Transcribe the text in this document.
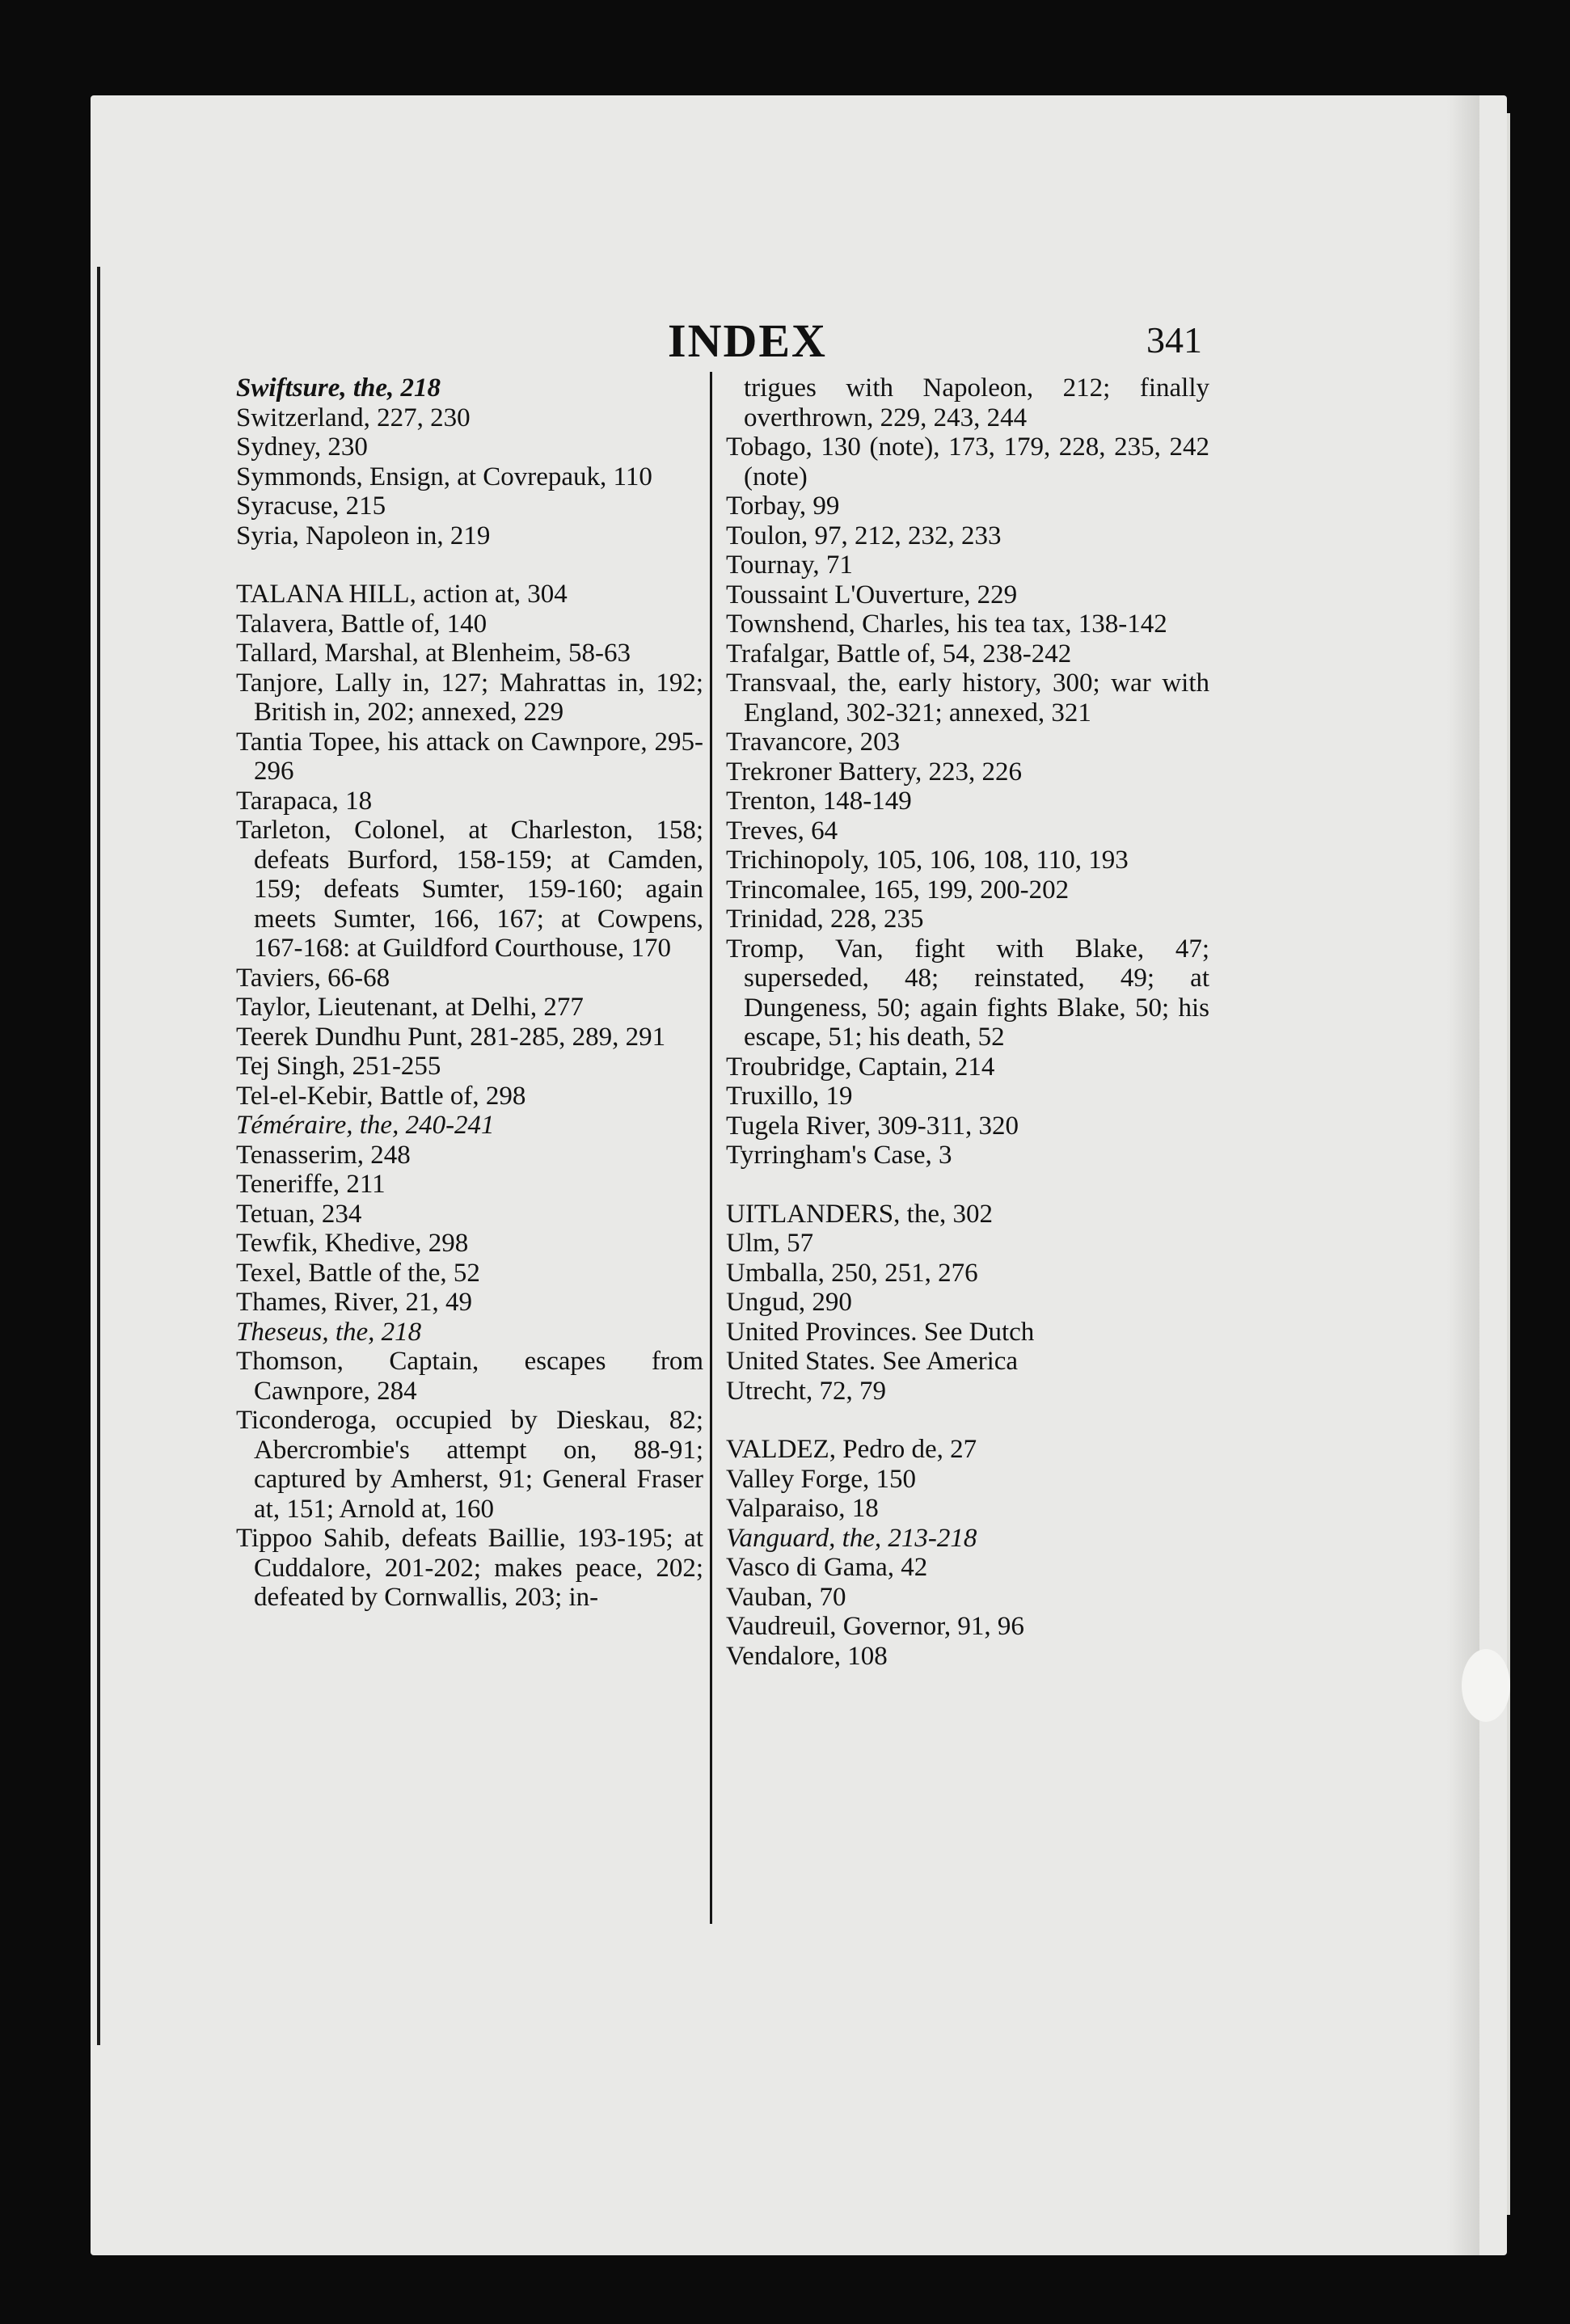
INDEX	341
Swiftsure, the, 218
Switzerland, 227, 230
Sydney, 230
Symmonds, Ensign, at Covrepauk, 110
Syracuse, 215
Syria, Napoleon in, 219
TALANA HILL, action at, 304
Talavera, Battle of, 140
Tallard, Marshal, at Blenheim, 58-63
Tanjore, Lally in, 127; Mahrattas in, 192; British in, 202; annexed, 229
Tantia Topee, his attack on Cawnpore, 295-296
Tarapaca, 18
Tarleton, Colonel, at Charleston, 158; defeats Burford, 158-159; at Camden, 159; defeats Sumter, 159-160; again meets Sumter, 166, 167; at Cowpens, 167-168: at Guildford Courthouse, 170
Taviers, 66-68
Taylor, Lieutenant, at Delhi, 277
Teerek Dundhu Punt, 281-285, 289, 291
Tej Singh, 251-255
Tel-el-Kebir, Battle of, 298
Téméraire, the, 240-241
Tenasserim, 248
Teneriffe, 211
Tetuan, 234
Tewfik, Khedive, 298
Texel, Battle of the, 52
Thames, River, 21, 49
Theseus, the, 218
Thomson, Captain, escapes from Cawnpore, 284
Ticonderoga, occupied by Dieskau, 82; Abercrombie's attempt on, 88-91; captured by Amherst, 91; General Fraser at, 151; Arnold at, 160
Tippoo Sahib, defeats Baillie, 193-195; at Cuddalore, 201-202; makes peace, 202; defeated by Cornwallis, 203; in-
trigues with Napoleon, 212; finally overthrown, 229, 243, 244
Tobago, 130 (note), 173, 179, 228, 235, 242 (note)
Torbay, 99
Toulon, 97, 212, 232, 233
Tournay, 71
Toussaint L'Ouverture, 229
Townshend, Charles, his tea tax, 138-142
Trafalgar, Battle of, 54, 238-242
Transvaal, the, early history, 300; war with England, 302-321; annexed, 321
Travancore, 203
Trekroner Battery, 223, 226
Trenton, 148-149
Treves, 64
Trichinopoly, 105, 106, 108, 110, 193
Trincomalee, 165, 199, 200-202
Trinidad, 228, 235
Tromp, Van, fight with Blake, 47; superseded, 48; reinstated, 49; at Dungeness, 50; again fights Blake, 50; his escape, 51; his death, 52
Troubridge, Captain, 214
Truxillo, 19
Tugela River, 309-311, 320
Tyrringham's Case, 3
UITLANDERS, the, 302
Ulm, 57
Umballa, 250, 251, 276
Ungud, 290
United Provinces. See Dutch
United States. See America
Utrecht, 72, 79
VALDEZ, Pedro de, 27
Valley Forge, 150
Valparaiso, 18
Vanguard, the, 213-218
Vasco di Gama, 42
Vauban, 70
Vaudreuil, Governor, 91, 96
Vendalore, 108
